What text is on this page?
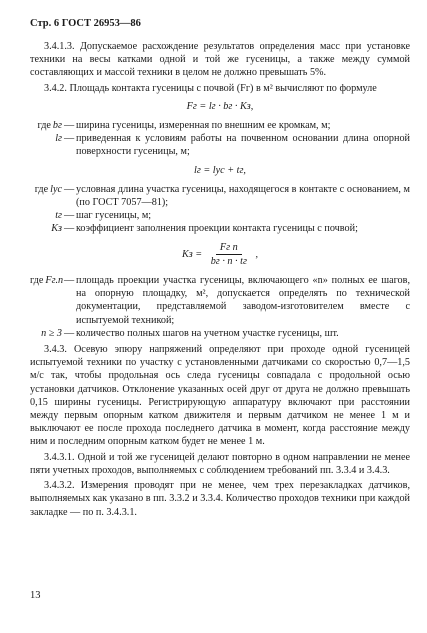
Стр. 6 ГОСТ 26953—86

3.4.1.3. Допускаемое расхождение результатов определения масс при установке техники на весы катками одной и той же гусеницы, а также между суммой составляющих и массой техники в целом не должно превышать 5%.

3.4.2. Площадь контакта гусеницы с почвой (Fг) в м² вычисляют по формуле

Fг = lг · bг · Kз,
где bг — ширина гусеницы, измеренная по внешним ее кромкам, м;
lг — приведенная к условиям работы на почвенном основании длина опорной поверхности гусеницы, м;
lг = lус + tг,
где lус — условная длина участка гусеницы, находящегося в контакте с основанием, м (по ГОСТ 7057—81);
tг — шаг гусеницы, м;
Kз — коэффициент заполнения проекции контакта гусеницы с почвой;
Kз = $\frac{\text{Fг п}}{bг \cdot n \cdot tг}$ ,
где Fг.п — площадь проекции участка гусеницы, включающего «n» полных ее шагов, на опорную площадку, м², допускается определять по технической документации, представляемой заводом-изготовителем вместе с испытуемой техникой;
n ≥ 3 — количество полных шагов на учетном участке гусеницы, шт.

3.4.3. Осевую эпюру напряжений определяют при проходе одной гусеницей испытуемой техники по участку с установленными датчиками со скоростью 0,7—1,5 м/с так, чтобы продольная ось следа гусеницы совпадала с продольной осью установки датчиков. Отклонение указанных осей друг от друга не должно превышать 0,15 ширины гусеницы. Регистрирующую аппаратуру включают при расстоянии между первым опорным катком движителя и первым датчиком не менее 1 м и выключают ее после прохода последнего датчика в момент, когда расстояние между ним и последним опорным катком будет не менее 1 м.

3.4.3.1. Одной и той же гусеницей делают повторно в одном направлении не менее пяти учетных проходов, выполняемых с соблюдением требований пп. 3.3.4 и 3.4.3.

3.4.3.2. Измерения проводят при не менее, чем трех перезакладках датчиков, выполняемых как указано в пп. 3.3.2 и 3.3.4. Количество проходов техники при каждой закладке — по п. 3.4.3.1.

13
